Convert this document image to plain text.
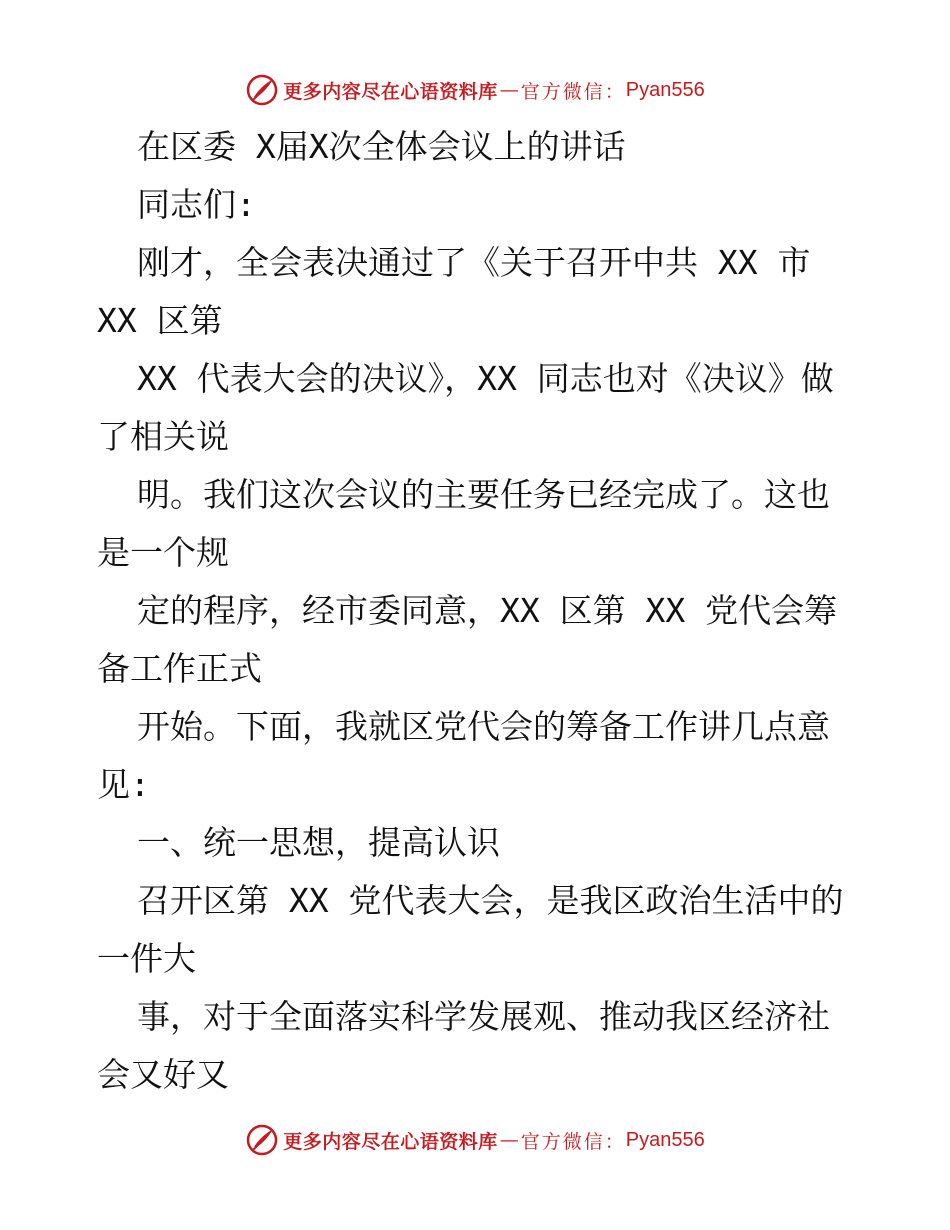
更多内容尽在心语资料库 — 官方微信： Pyan556
在区委 X届X次全体会议上的讲话
同志们:
刚才，全会表决通过了《关于召开中共 XX 市
XX 区第
XX 代表大会的决议》，XX 同志也对《决议》做
了相关说
明。我们这次会议的主要任务已经完成了。这也
是一个规
定的程序，经市委同意，XX 区第 XX 党代会筹
备工作正式
开始。下面，我就区党代会的筹备工作讲几点意
见:
一、统一思想，提高认识
召开区第 XX 党代表大会，是我区政治生活中的
一件大
事，对于全面落实科学发展观、推动我区经济社
会又好又
更多内容尽在心语资料库 — 官方微信： Pyan556
